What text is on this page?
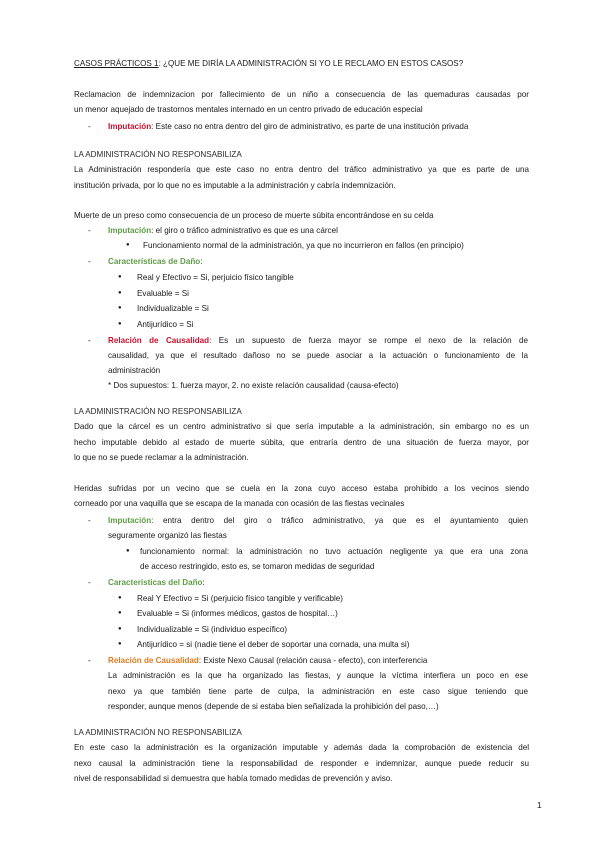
CASOS PRÁCTICOS 1: ¿QUE ME DIRÍA LA ADMINISTRACIÓN SI YO LE RECLAMO EN ESTOS CASOS?
Reclamacion de indemnizacion por fallecimiento de un niño a consecuencia de las quemaduras causadas por
un menor aquejado de trastornos mentales internado en un centro privado de educación especial
- Imputación: Este caso no entra dentro del giro de administrativo, es parte de una institución privada
LA ADMINISTRACIÓN NO RESPONSABILIZA
La Administración respondería que este caso no entra dentro del tráfico administrativo ya que es parte de una
institución privada, por lo que no es imputable a la administración y cabría indemnización.
Muerte de un preso como consecuencia de un proceso de muerte súbita encontrándose en su celda
- Imputación: el giro o tráfico administrativo es que es una cárcel
● Funcionamiento normal de la administración, ya que no incurrieron en fallos (en principio)
- Características de Daño:
● Real y Efectivo = Si, perjuicio físico tangible
● Evaluable = Si
● Individualizable = Si
● Antijurídico = Si
- Relación de Causalidad: Es un supuesto de fuerza mayor se rompe el nexo de la relación de
causalidad, ya que el resultado dañoso no se puede asociar a la actuación o funcionamiento de la
administración
* Dos supuestos: 1. fuerza mayor, 2. no existe relación causalidad (causa-efecto)
LA ADMINISTRACIÓN NO RESPONSABILIZA
Dado que la cárcel es un centro administrativo si que sería imputable a la administración, sin embargo no es un
hecho imputable debido al estado de muerte súbita, que entraría dentro de una situación de fuerza mayor, por
lo que no se puede reclamar a la administración.
Heridas sufridas por un vecino que se cuela en la zona cuyo acceso estaba prohibido a los vecinos siendo
corneado por una vaquilla que se escapa de la manada con ocasión de las fiestas vecinales
- Imputación: entra dentro del giro o tráfico administrativo, ya que es el ayuntamiento quien
seguramente organizó las fiestas
● funcionamiento normal: la administración no tuvo actuación negligente ya que era una zona
de acceso restringido, esto es, se tomaron medidas de seguridad
- Características del Daño:
● Real Y Efectivo = Si (perjuicio físico tangible y verificable)
● Evaluable = Si (informes médicos, gastos de hospital…)
● Individualizable = Si (individuo específico)
● Antijurídico = si (nadie tiene el deber de soportar una cornada, una multa si)
- Relación de Causalidad: Existe Nexo Causal (relación causa - efecto), con interferencia
La administración es la que ha organizado las fiestas, y aunque la víctima interfiera un poco en ese
nexo ya que también tiene parte de culpa, la administración en este caso sigue teniendo que
responder, aunque menos (depende de si estaba bien señalizada la prohibición del paso,…)
LA ADMINISTRACIÓN NO RESPONSABILIZA
En este caso la administración es la organización imputable y además dada la comprobación de existencia del
nexo causal la administración tiene la responsabilidad de responder e indemnizar, aunque puede reducir su
nivel de responsabilidad si demuestra que había tomado medidas de prevención y aviso.
1
